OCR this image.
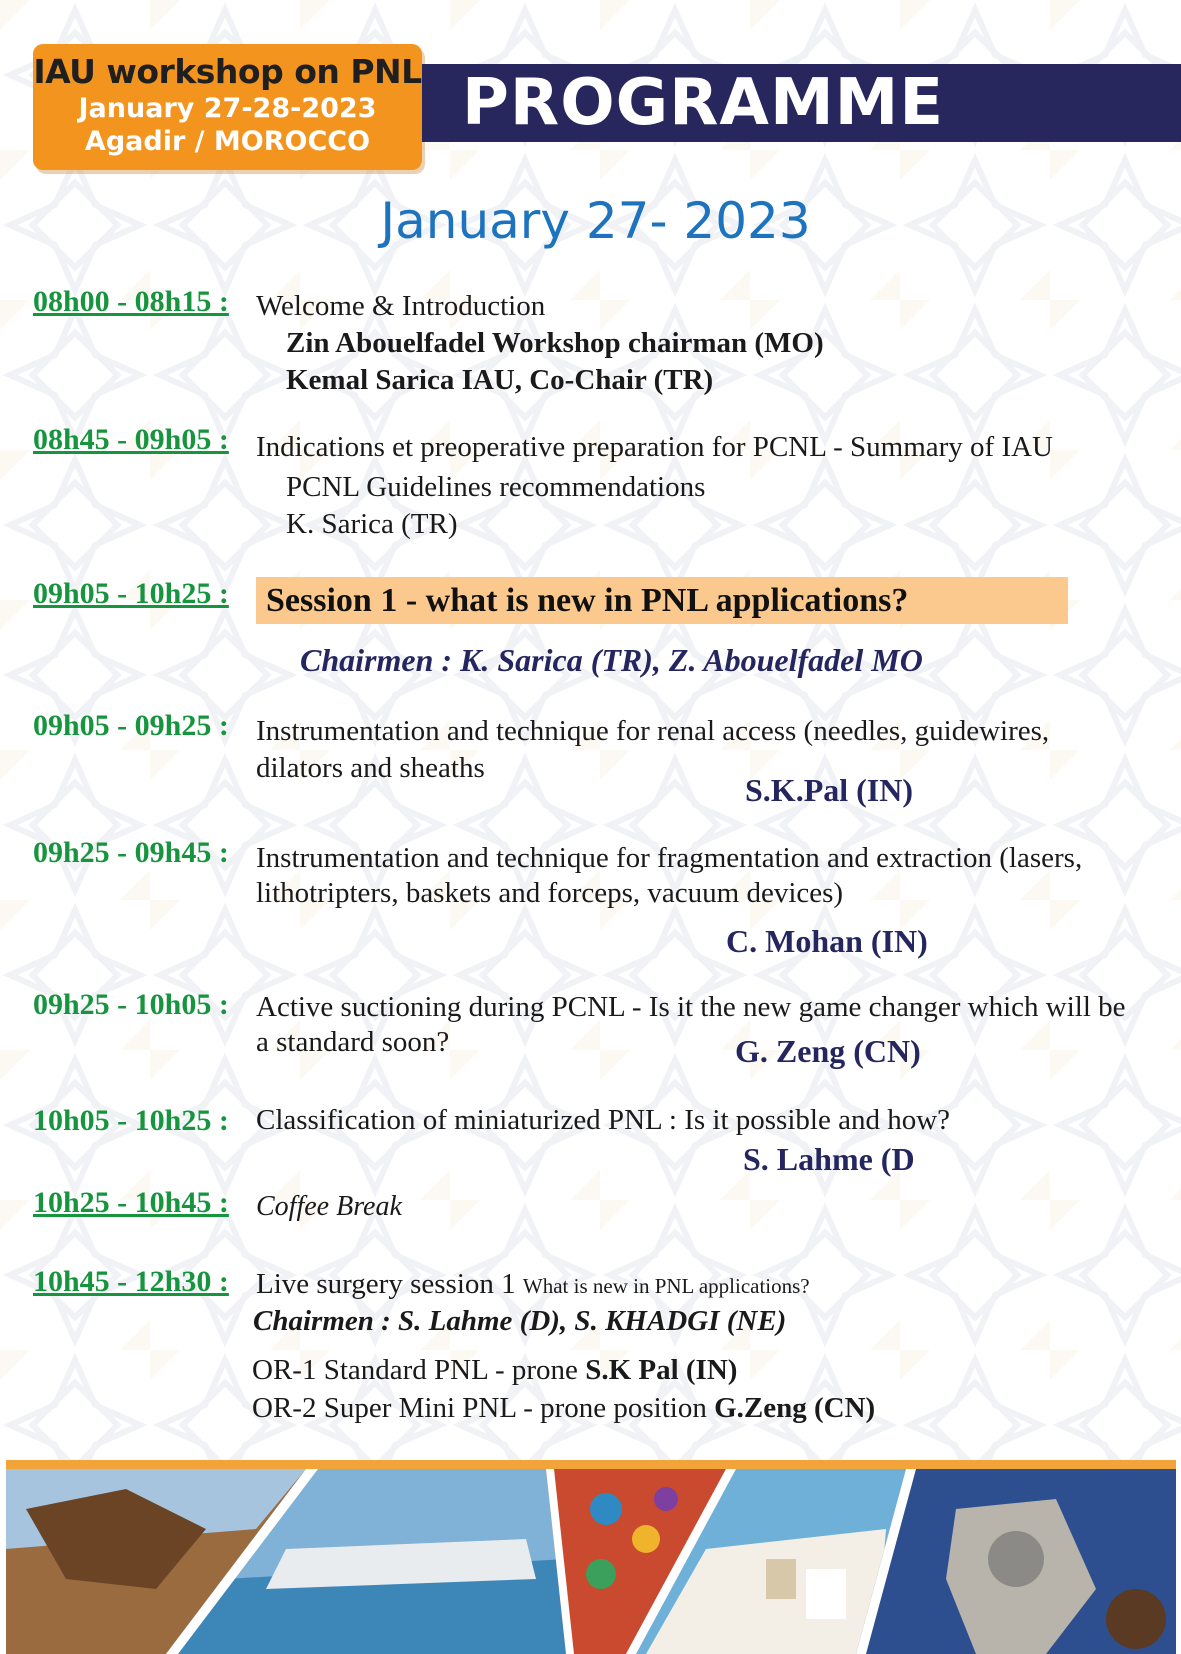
IAU workshop on PNL
January 27-28-2023
Agadir / MOROCCO
PROGRAMME
January 27- 2023
08h00 - 08h15 : Welcome & Introduction
Zin Abouelfadel Workshop chairman (MO)
Kemal Sarica IAU, Co-Chair (TR)
08h45 - 09h05 : Indications et preoperative preparation for PCNL - Summary of IAU
PCNL Guidelines recommendations
K. Sarica (TR)
09h05 - 10h25 :	Session 1 - what is new in PNL applications?
Chairmen : K. Sarica (TR), Z. Abouelfadel MO
09h05 - 09h25 : Instrumentation and technique for renal access (needles, guidewires,
dilators and sheaths
S.K.Pal (IN)
09h25 - 09h45 : Instrumentation and technique for fragmentation and extraction (lasers,
lithotripters, baskets and forceps, vacuum devices)
C. Mohan (IN)
09h25 - 10h05 : Active suctioning during PCNL - Is it the new game changer which will be
a standard soon?	G. Zeng (CN)
10h05 - 10h25 : Classification of miniaturized PNL : Is it possible and how?
S. Lahme (D
10h25 - 10h45 : Coffee Break
10h45 - 12h30 : Live surgery session 1 What is new in PNL applications?
Chairmen : S. Lahme (D), S. KHADGI (NE)
OR-1 Standard PNL - prone S.K Pal (IN)
OR-2 Super Mini PNL - prone position G.Zeng (CN)
